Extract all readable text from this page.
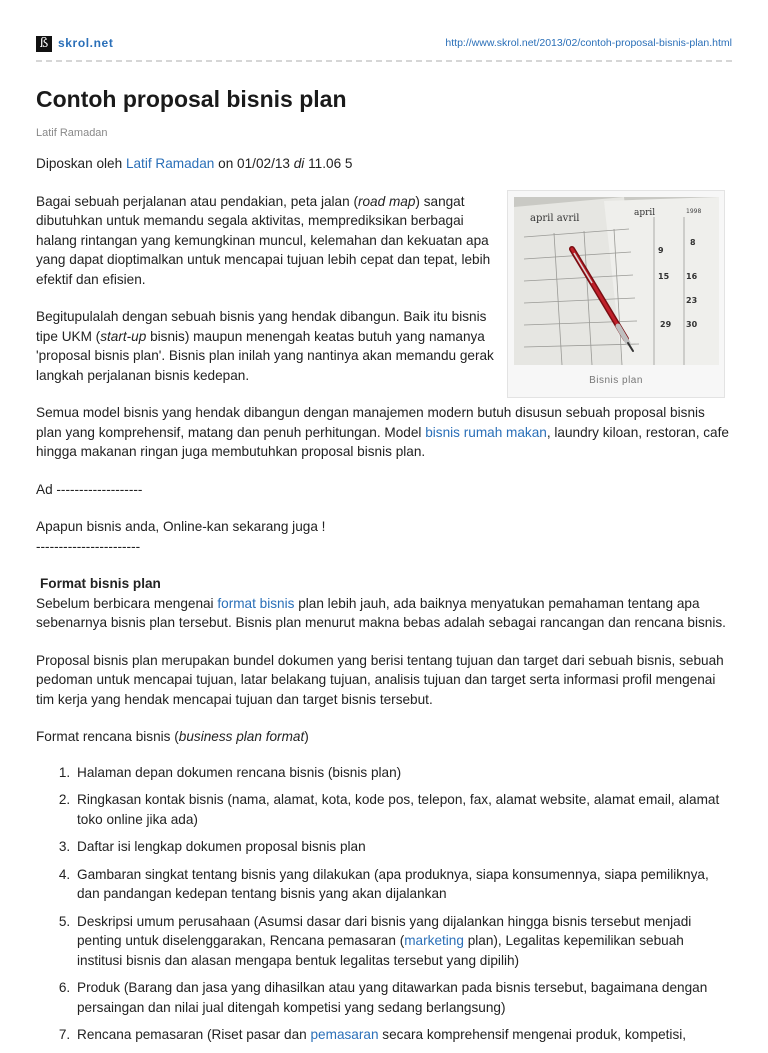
ß skrol.net	http://www.skrol.net/2013/02/contoh-proposal-bisnis-plan.html
Contoh proposal bisnis plan
Latif Ramadan
april avril	april	1998
8
9
15 16
23
29 30
Bisnis plan

Diposkan oleh Latif Ramadan on 01/02/13 di 11.06 5

Bagai sebuah perjalanan atau pendakian, peta jalan (road map) sangat dibutuhkan untuk memandu segala aktivitas, memprediksikan berbagai halang rintangan yang kemungkinan muncul, kelemahan dan kekuatan apa yang dapat dioptimalkan untuk mencapai tujuan lebih cepat dan tepat, lebih efektif dan efisien.

Begitupulalah dengan sebuah bisnis yang hendak dibangun. Baik itu bisnis tipe UKM (start-up bisnis) maupun menengah keatas butuh yang namanya 'proposal bisnis plan'. Bisnis plan inilah yang nantinya akan memandu gerak langkah perjalanan bisnis kedepan.

Semua model bisnis yang hendak dibangun dengan manajemen modern butuh disusun sebuah proposal bisnis plan yang komprehensif, matang dan penuh perhitungan. Model bisnis rumah makan, laundry kiloan, restoran, cafe hingga makanan ringan juga membutuhkan proposal bisnis plan.

Ad -------------------

Apapun bisnis anda, Online-kan sekarang juga !
-----------------------

Format bisnis plan
Sebelum berbicara mengenai format bisnis plan lebih jauh, ada baiknya menyatukan pemahaman tentang apa sebenarnya bisnis plan tersebut. Bisnis plan menurut makna bebas adalah sebagai rancangan dan rencana bisnis.

Proposal bisnis plan merupakan bundel dokumen yang berisi tentang tujuan dan target dari sebuah bisnis, sebuah pedoman untuk mencapai tujuan, latar belakang tujuan, analisis tujuan dan target serta informasi profil mengenai tim kerja yang hendak mencapai tujuan dan target bisnis tersebut.

Format rencana bisnis (business plan format)

1. Halaman depan dokumen rencana bisnis (bisnis plan)
2. Ringkasan kontak bisnis (nama, alamat, kota, kode pos, telepon, fax, alamat website, alamat email, alamat toko online jika ada)
3. Daftar isi lengkap dokumen proposal bisnis plan
4. Gambaran singkat tentang bisnis yang dilakukan (apa produknya, siapa konsumennya, siapa pemiliknya, dan pandangan kedepan tentang bisnis yang akan dijalankan
5. Deskripsi umum perusahaan (Asumsi dasar dari bisnis yang dijalankan hingga bisnis tersebut menjadi penting untuk diselenggarakan, Rencana pemasaran (marketing plan), Legalitas kepemilikan sebuah institusi bisnis dan alasan mengapa bentuk legalitas tersebut yang dipilih)
6. Produk (Barang dan jasa yang dihasilkan atau yang ditawarkan pada bisnis tersebut, bagaimana dengan persaingan dan nilai jual ditengah kompetisi yang sedang berlangsung)
7. Rencana pemasaran (Riset pasar dan pemasaran secara komprehensif mengenai produk, kompetisi,
